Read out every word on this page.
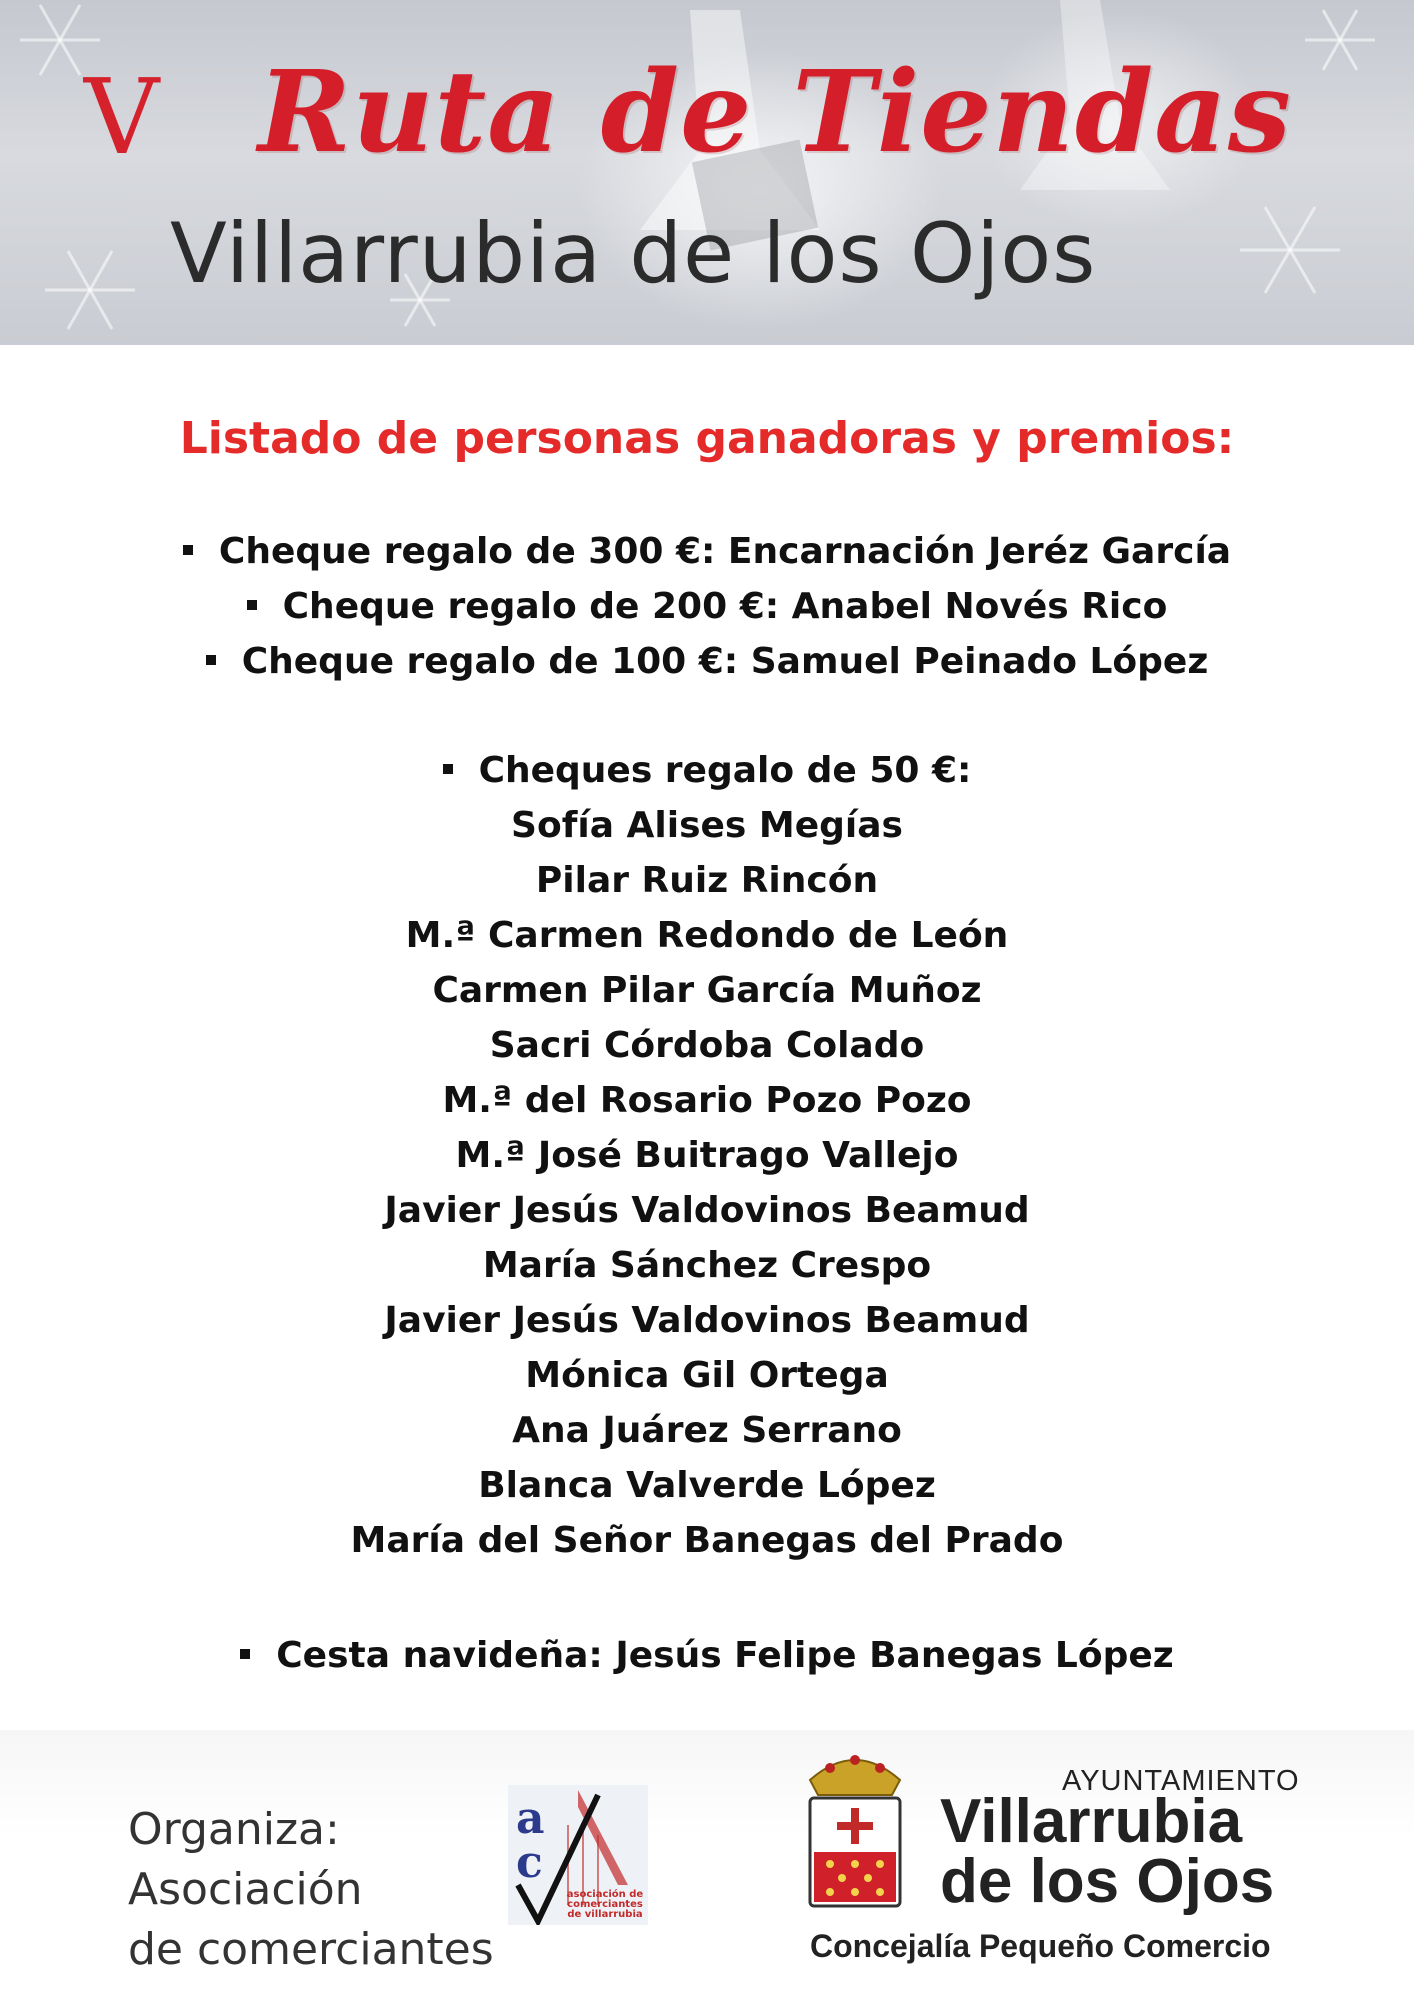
V Ruta de Tiendas
Villarrubia de los Ojos
Listado de personas ganadoras y premios:
Cheque regalo de 300 €: Encarnación Jeréz García
Cheque regalo de 200 €: Anabel Novés Rico
Cheque regalo de 100 €: Samuel Peinado López
Cheques regalo de 50 €:
Sofía Alises Megías
Pilar Ruiz Rincón
M.ª Carmen Redondo de León
Carmen Pilar García Muñoz
Sacri Córdoba Colado
M.ª del Rosario Pozo Pozo
M.ª José Buitrago Vallejo
Javier Jesús Valdovinos Beamud
María Sánchez Crespo
Javier Jesús Valdovinos Beamud
Mónica Gil Ortega
Ana Juárez Serrano
Blanca Valverde López
María del Señor Banegas del Prado
Cesta navideña: Jesús Felipe Banegas López
Organiza:
Asociación
de comerciantes
a
c
asociación de comerciantes de villarrubia
AYUNTAMIENTO
Villarrubia
de los Ojos
Concejalía Pequeño Comercio
